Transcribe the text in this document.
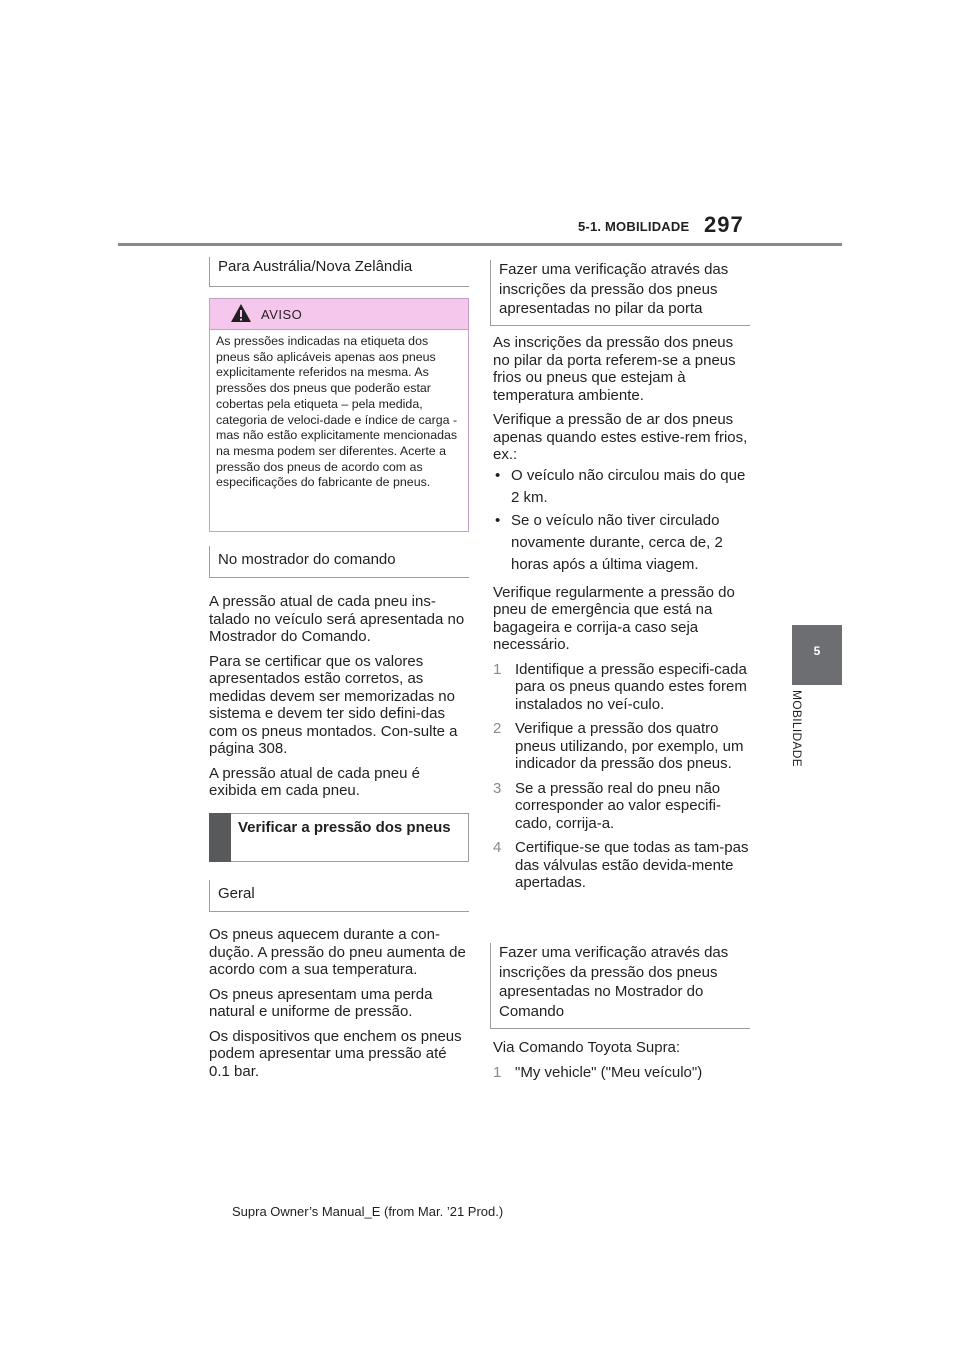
5-1. MOBILIDADE 297
5
MOBILIDADE
Para Austrália/Nova Zelândia
AVISO
As pressões indicadas na etiqueta dos pneus são aplicáveis apenas aos pneus explicitamente referidos na mesma. As pressões dos pneus que poderão estar cobertas pela etiqueta – pela medida, categoria de veloci-dade e índice de carga - mas não estão explicitamente mencionadas na mesma podem ser diferentes. Acerte a pressão dos pneus de acordo com as especificações do fabricante de pneus.
No mostrador do comando

A pressão atual de cada pneu ins-talado no veículo será apresentada no Mostrador do Comando.

Para se certificar que os valores apresentados estão corretos, as medidas devem ser memorizadas no sistema e devem ter sido defini-das com os pneus montados. Con-sulte a página 308.

A pressão atual de cada pneu é exibida em cada pneu.

Verificar a pressão dos pneus
Geral

Os pneus aquecem durante a con-dução. A pressão do pneu aumenta de acordo com a sua temperatura.

Os pneus apresentam uma perda natural e uniforme de pressão.

Os dispositivos que enchem os pneus podem apresentar uma pressão até 0.1 bar.

Fazer uma verificação através das inscrições da pressão dos pneus apresentadas no pilar da porta

As inscrições da pressão dos pneus no pilar da porta referem-se a pneus frios ou pneus que estejam à temperatura ambiente.

Verifique a pressão de ar dos pneus apenas quando estes estive-rem frios, ex.:

• O veículo não circulou mais do que 2 km.
• Se o veículo não tiver circulado novamente durante, cerca de, 2 horas após a última viagem.

Verifique regularmente a pressão do pneu de emergência que está na bagageira e corrija-a caso seja necessário.

1 Identifique a pressão especifi-cada para os pneus quando estes forem instalados no veí-culo.
2 Verifique a pressão dos quatro pneus utilizando, por exemplo, um indicador da pressão dos pneus.
3 Se a pressão real do pneu não corresponder ao valor especifi-cado, corrija-a.
4 Certifique-se que todas as tam-pas das válvulas estão devida-mente apertadas.
Fazer uma verificação através das inscrições da pressão dos pneus apresentadas no Mostrador do Comando

Via Comando Toyota Supra:

1 "My vehicle" ("Meu veículo")
Supra Owner’s Manual_E (from Mar. ’21 Prod.)
